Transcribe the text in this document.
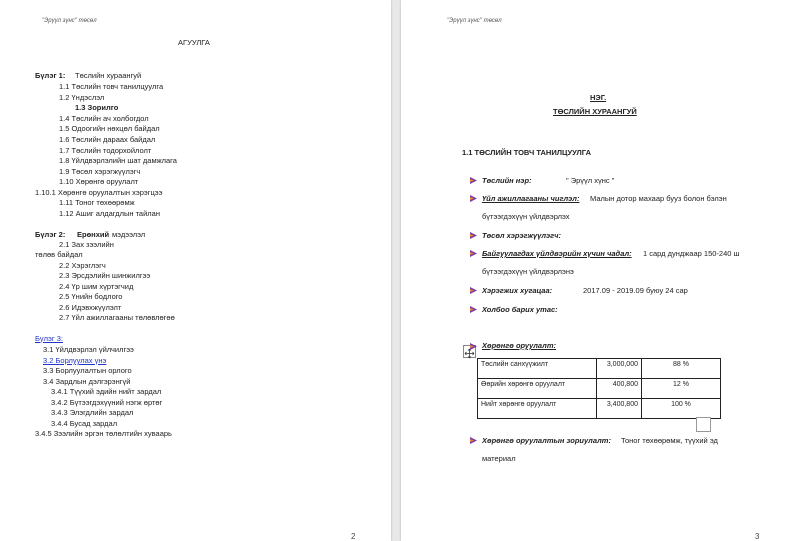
"Эрүүл зүнс" төсөл
АГУУЛГА
Бүлэг 1: Төслийн хураангуй
1.1 Төслийн товч танилцуулга
1.2 Үндэслэл
1.3 Зорилго
1.4 Төслийн ач холбогдол
1.5 Одоогийн нөхцөл байдал
1.6 Төслийн дараах байдал
1.7 Төслийн тодорхойлолт
1.8 Үйлдвэрлэлийн шат дамжлага
1.9 Төсөл хэрэгжүүлэгч
1.10 Хөрөнгө оруулалт
1.10.1 Хөрөнгө оруулалтын хэрэгцээ
1.11 Тоног төхөөрөмж
1.12 Ашиг алдагдлын тайлан
Бүлэг 2: Ерөнхий мэдээлэл
2.1 Зах зээлийн
төлөв байдал
2.2 Хэрэглэгч
2.3 Эрсдэлийн шинжилгээ
2.4 Үр шим хүртэгчид
2.5 Үнийн бодлого
2.6 Идэвхжүүлэлт
2.7 Үйл ажиллагааны төлөвлөгөө
Бүлэг 3:
3.1 Үйлдвэрлэл үйлчилгээ
3.2 Борлуулах үнэ
3.3 Борлуулалтын орлого
3.4 Зардлын дэлгэрэнгүй
3.4.1 Түүхий эдийн нийт зардал
3.4.2 Бүтээгдэхүүний нэгж өртөг
3.4.3 Элэгдлийн зардал
3.4.4 Бусад зардал
3.4.5 Зээлийн эргэн төлөлтийн хуваарь
2
"Эрүүл зүнс" төсөл
НЭГ.
ТӨСЛИЙН ХУРААНГУЙ
1.1 ТӨСЛИЙН ТОВЧ ТАНИЛЦУУЛГА
3
Төслийн нэр:	" Эрүүл хүнс "
Үйл ажиллагааны чиглэл: Малын дотор махаар бууз болон бэлэн
бүтээгдэхүүн үйлдвэрлэх
Төсөл хэрэгжүүлэгч:
Байгуулагдах үйлдвэрийн хүчин чадал: 1 сард дунджаар 150-240 ш
бүтээгдэхүүн үйлдвэрлэнэ
Хэрэгжих хугацаа:	2017.09 - 2019.09 буюу 24 сар
Холбоо барих утас:
Хөрөнгө оруулалт:
Төслийн санхүүжилт	3,000,000	88 %
Өөрийн хөрөнгө оруулалт	400,800	12 %
Нийт хөрөнгө оруулалт	3,400,800	100 %
Хөрөнгө оруулалтын зориулалт: Тоног төхөөрөмж, түүхий эд
материал
